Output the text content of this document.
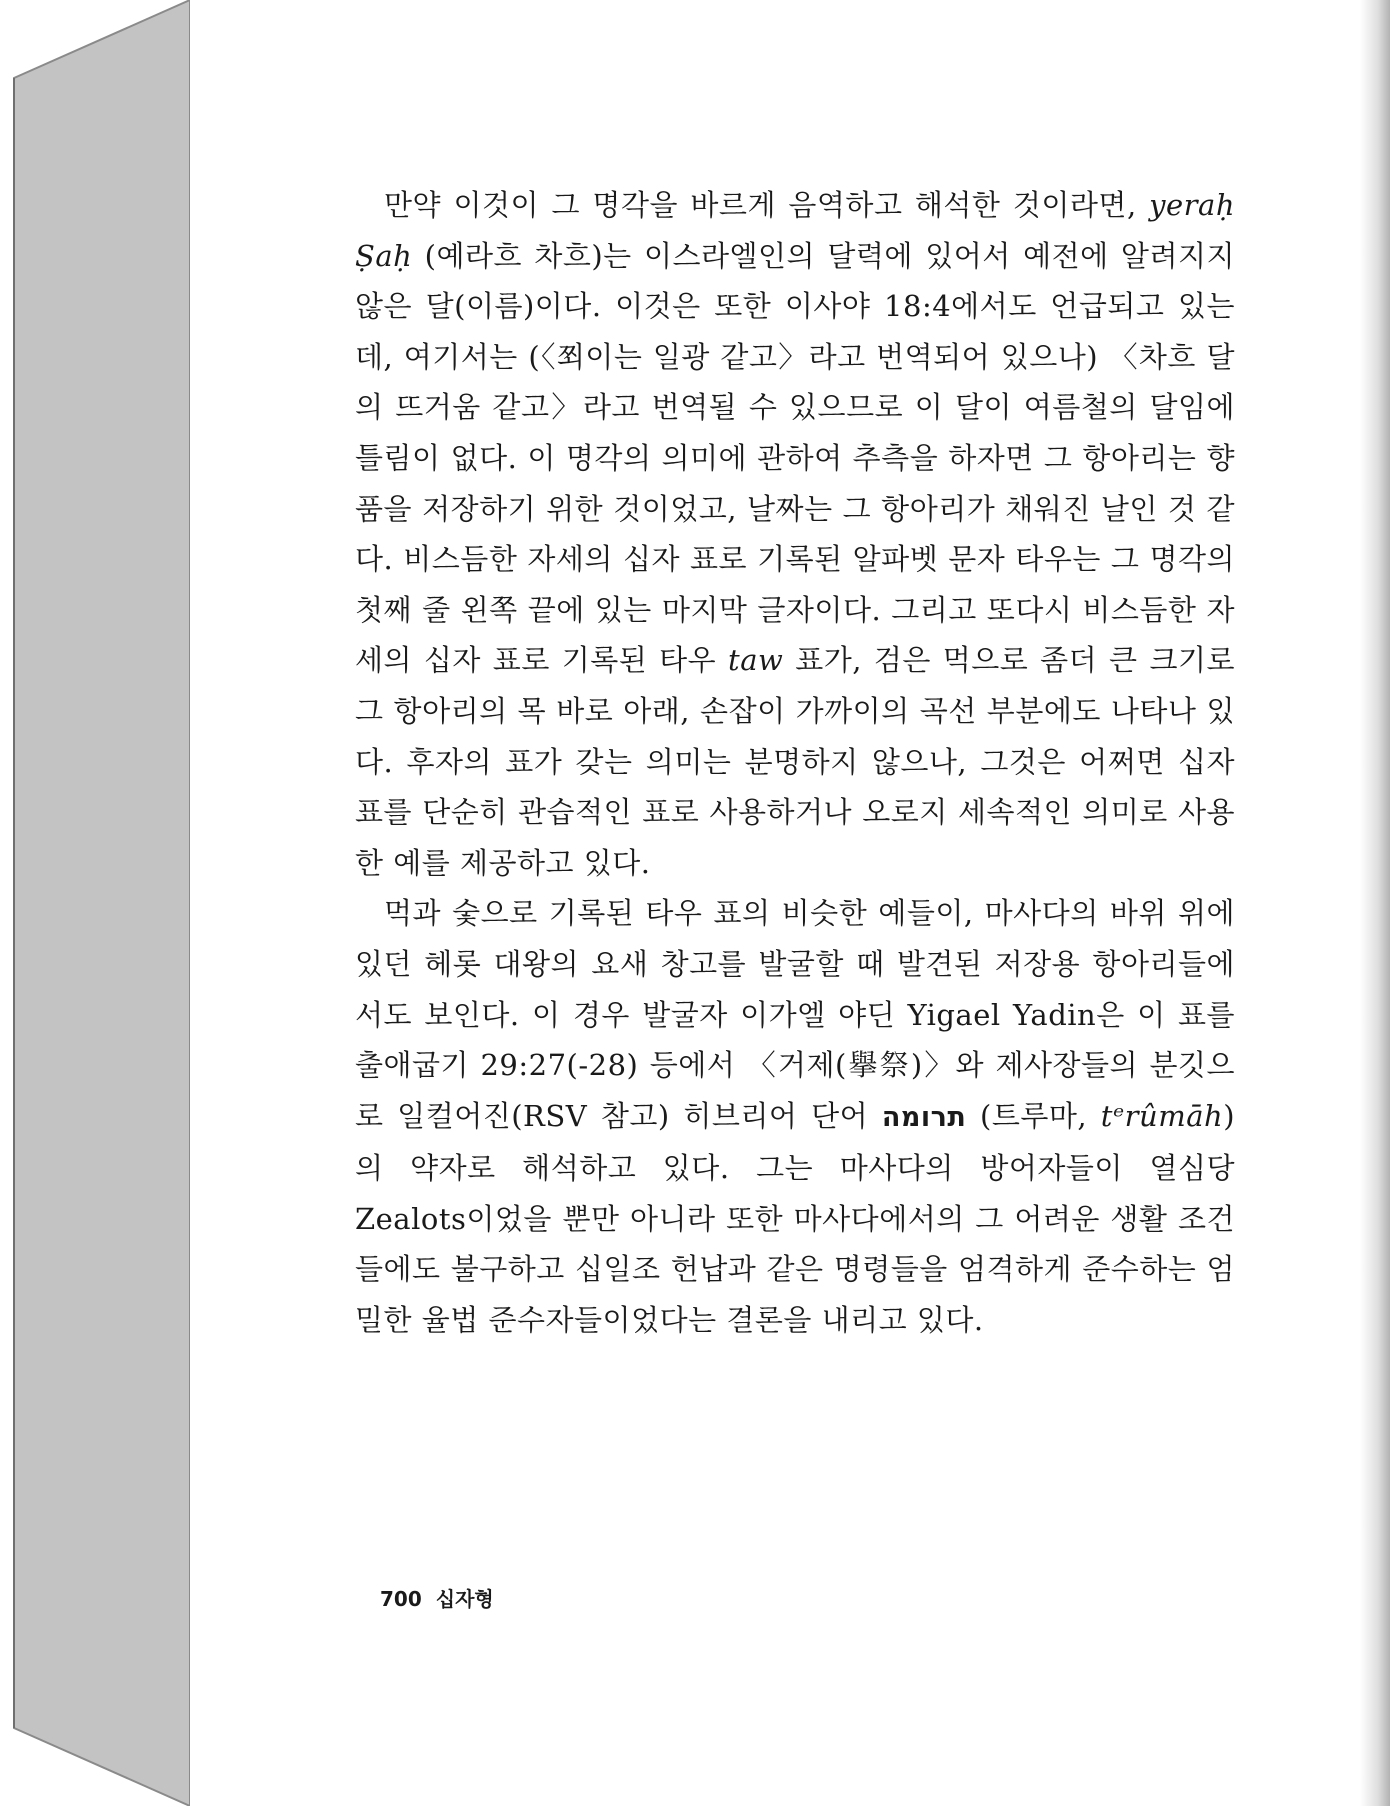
만약 이것이 그 명각을 바르게 음역하고 해석한 것이라면, yeraḥ Ṣaḥ (예라흐 차흐)는 이스라엘인의 달력에 있어서 예전에 알려지지 않은 달(이름)이다. 이것은 또한 이사야 18:4에서도 언급되고 있는데, 여기서는 (〈쬐이는 일광 같고〉라고 번역되어 있으나) 〈차흐 달의 뜨거움 같고〉라고 번역될 수 있으므로 이 달이 여름철의 달임에 틀림이 없다. 이 명각의 의미에 관하여 추측을 하자면 그 항아리는 향품을 저장하기 위한 것이었고, 날짜는 그 항아리가 채워진 날인 것 같다. 비스듬한 자세의 십자 표로 기록된 알파벳 문자 타우는 그 명각의 첫째 줄 왼쪽 끝에 있는 마지막 글자이다. 그리고 또다시 비스듬한 자세의 십자 표로 기록된 타우 taw 표가, 검은 먹으로 좀더 큰 크기로 그 항아리의 목 바로 아래, 손잡이 가까이의 곡선 부분에도 나타나 있다. 후자의 표가 갖는 의미는 분명하지 않으나, 그것은 어쩌면 십자 표를 단순히 관습적인 표로 사용하거나 오로지 세속적인 의미로 사용한 예를 제공하고 있다.

먹과 숯으로 기록된 타우 표의 비슷한 예들이, 마사다의 바위 위에 있던 헤롯 대왕의 요새 창고를 발굴할 때 발견된 저장용 항아리들에서도 보인다. 이 경우 발굴자 이가엘 야딘 Yigael Yadin은 이 표를 출애굽기 29:27(-28) 등에서 〈거제(擧祭)〉와 제사장들의 분깃으로 일컬어진(RSV 참고) 히브리어 단어 תרומה (트루마, tᵉrûmāh)의 약자로 해석하고 있다. 그는 마사다의 방어자들이 열심당 Zealots이었을 뿐만 아니라 또한 마사다에서의 그 어려운 생활 조건들에도 불구하고 십일조 헌납과 같은 명령들을 엄격하게 준수하는 엄밀한 율법 준수자들이었다는 결론을 내리고 있다.

700 십자형
